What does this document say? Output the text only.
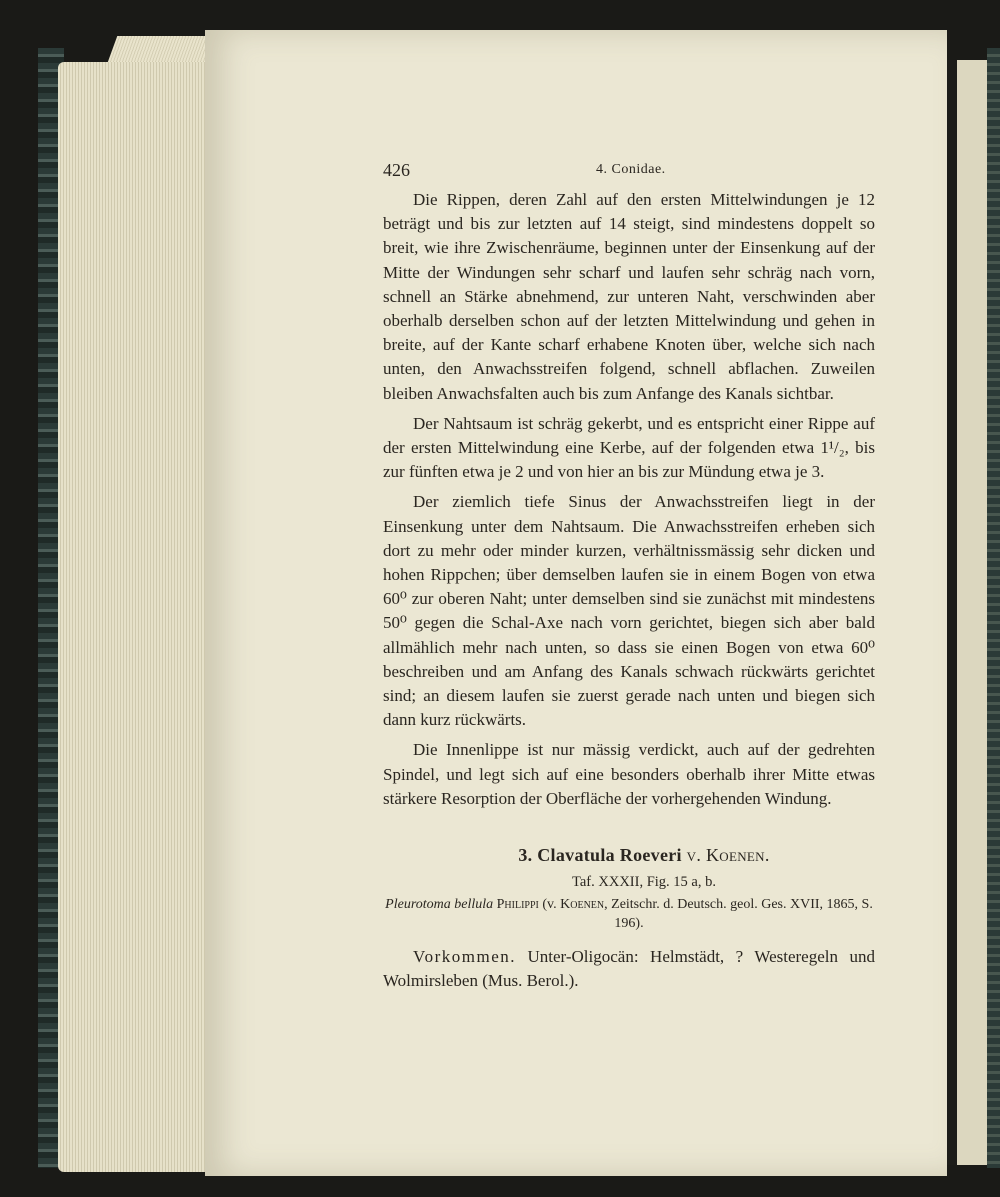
426	4. Conidae.

Die Rippen, deren Zahl auf den ersten Mittelwindungen je 12 beträgt und bis zur letzten auf 14 steigt, sind mindestens doppelt so breit, wie ihre Zwischenräume, beginnen unter der Einsenkung auf der Mitte der Windungen sehr scharf und laufen sehr schräg nach vorn, schnell an Stärke abnehmend, zur unteren Naht, verschwinden aber oberhalb derselben schon auf der letzten Mittelwindung und gehen in breite, auf der Kante scharf erhabene Knoten über, welche sich nach unten, den Anwachsstreifen folgend, schnell abflachen. Zuweilen bleiben Anwachsfalten auch bis zum Anfange des Kanals sichtbar.

Der Nahtsaum ist schräg gekerbt, und es entspricht einer Rippe auf der ersten Mittelwindung eine Kerbe, auf der folgenden etwa 1¹/₂, bis zur fünften etwa je 2 und von hier an bis zur Mündung etwa je 3.

Der ziemlich tiefe Sinus der Anwachsstreifen liegt in der Einsenkung unter dem Nahtsaum. Die Anwachsstreifen erheben sich dort zu mehr oder minder kurzen, verhältnissmässig sehr dicken und hohen Rippchen; über demselben laufen sie in einem Bogen von etwa 60⁰ zur oberen Naht; unter demselben sind sie zunächst mit mindestens 50⁰ gegen die Schal-Axe nach vorn gerichtet, biegen sich aber bald allmählich mehr nach unten, so dass sie einen Bogen von etwa 60⁰ beschreiben und am Anfang des Kanals schwach rückwärts gerichtet sind; an diesem laufen sie zuerst gerade nach unten und biegen sich dann kurz rückwärts.

Die Innenlippe ist nur mässig verdickt, auch auf der gedrehten Spindel, und legt sich auf eine besonders oberhalb ihrer Mitte etwas stärkere Resorption der Oberfläche der vorhergehenden Windung.

3. Clavatula Roeveri v. Koenen.
Taf. XXXII, Fig. 15 a, b.
Pleurotoma bellula Philippi (v. Koenen, Zeitschr. d. Deutsch. geol. Ges. XVII, 1865, S. 196).

Vorkommen. Unter-Oligocän: Helmstädt, ? Westeregeln und Wolmirsleben (Mus. Berol.).
